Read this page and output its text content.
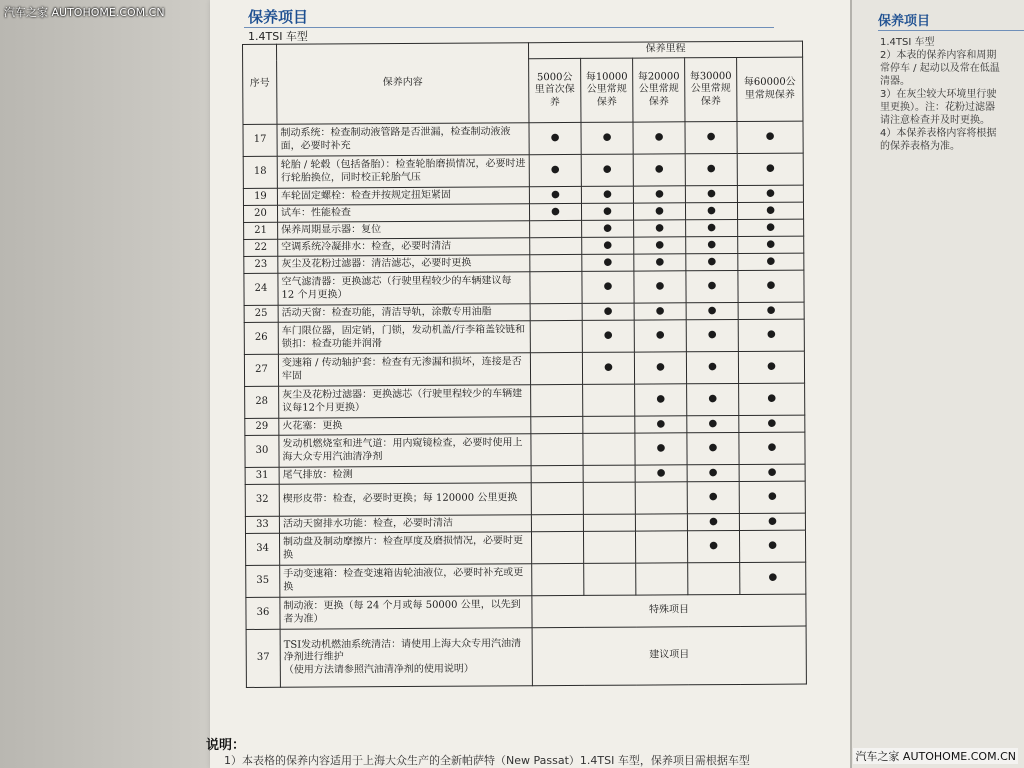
保养项目
1.4TSI 车型
2）本表的保养内容和周期
常停车 / 起动以及常在低温
清器。
3）在灰尘较大环境里行驶
里更换）。注：花粉过滤器
请注意检查并及时更换。
4）本保养表格内容将根据
的保养表格为准。
保养项目
1.4TSI 车型
序号	保养内容	保养里程				
		5000公里首次保养	每10000公里常规保养	每20000公里常规保养	每30000公里常规保养	每60000公里常规保养
17	制动系统：检查制动液管路是否泄漏，检查制动液液面，必要时补充	●	●	●	●	●
18	轮胎 / 轮毂（包括备胎）：检查轮胎磨损情况，必要时进行轮胎换位，同时校正轮胎气压	●	●	●	●	●
19	车轮固定螺栓：检查并按规定扭矩紧固	●	●	●	●	●
20	试车：性能检查	●	●	●	●	●
21	保养周期显示器：复位		●	●	●	●
22	空调系统冷凝排水：检查，必要时清洁		●	●	●	●
23	灰尘及花粉过滤器：清洁滤芯，必要时更换		●	●	●	●
24	空气滤清器：更换滤芯（行驶里程较少的车辆建议每 12 个月更换）		●	●	●	●
25	活动天窗：检查功能，清洁导轨，涂敷专用油脂		●	●	●	●
26	车门限位器，固定销，门锁，发动机盖/行李箱盖铰链和锁扣：检查功能并润滑		●	●	●	●
27	变速箱 / 传动轴护套：检查有无渗漏和损坏，连接是否牢固		●	●	●	●
28	灰尘及花粉过滤器：更换滤芯（行驶里程较少的车辆建议每12个月更换）			●	●	●
29	火花塞：更换			●	●	●
30	发动机燃烧室和进气道：用内窥镜检查，必要时使用上海大众专用汽油清净剂			●	●	●
31	尾气排放：检测			●	●	●
32	楔形皮带：检查，必要时更换；每 120000 公里更换				●	●
33	活动天窗排水功能：检查，必要时清洁				●	●
34	制动盘及制动摩擦片：检查厚度及磨损情况，必要时更换				●	●
35	手动变速箱：检查变速箱齿轮油液位，必要时补充或更换					●
36	制动液：更换（每 24 个月或每 50000 公里，以先到者为准）	特殊项目				
37	TSI发动机燃油系统清洁：请使用上海大众专用汽油清净剂进行维护
（使用方法请参照汽油清净剂的使用说明）	建议项目				
说明：
1）本表格的保养内容适用于上海大众生产的全新帕萨特（New Passat）1.4TSI 车型，保养项目需根据车型
汽车之家 AUTOHOME.COM.CN
汽车之家 AUTOHOME.COM.CN
